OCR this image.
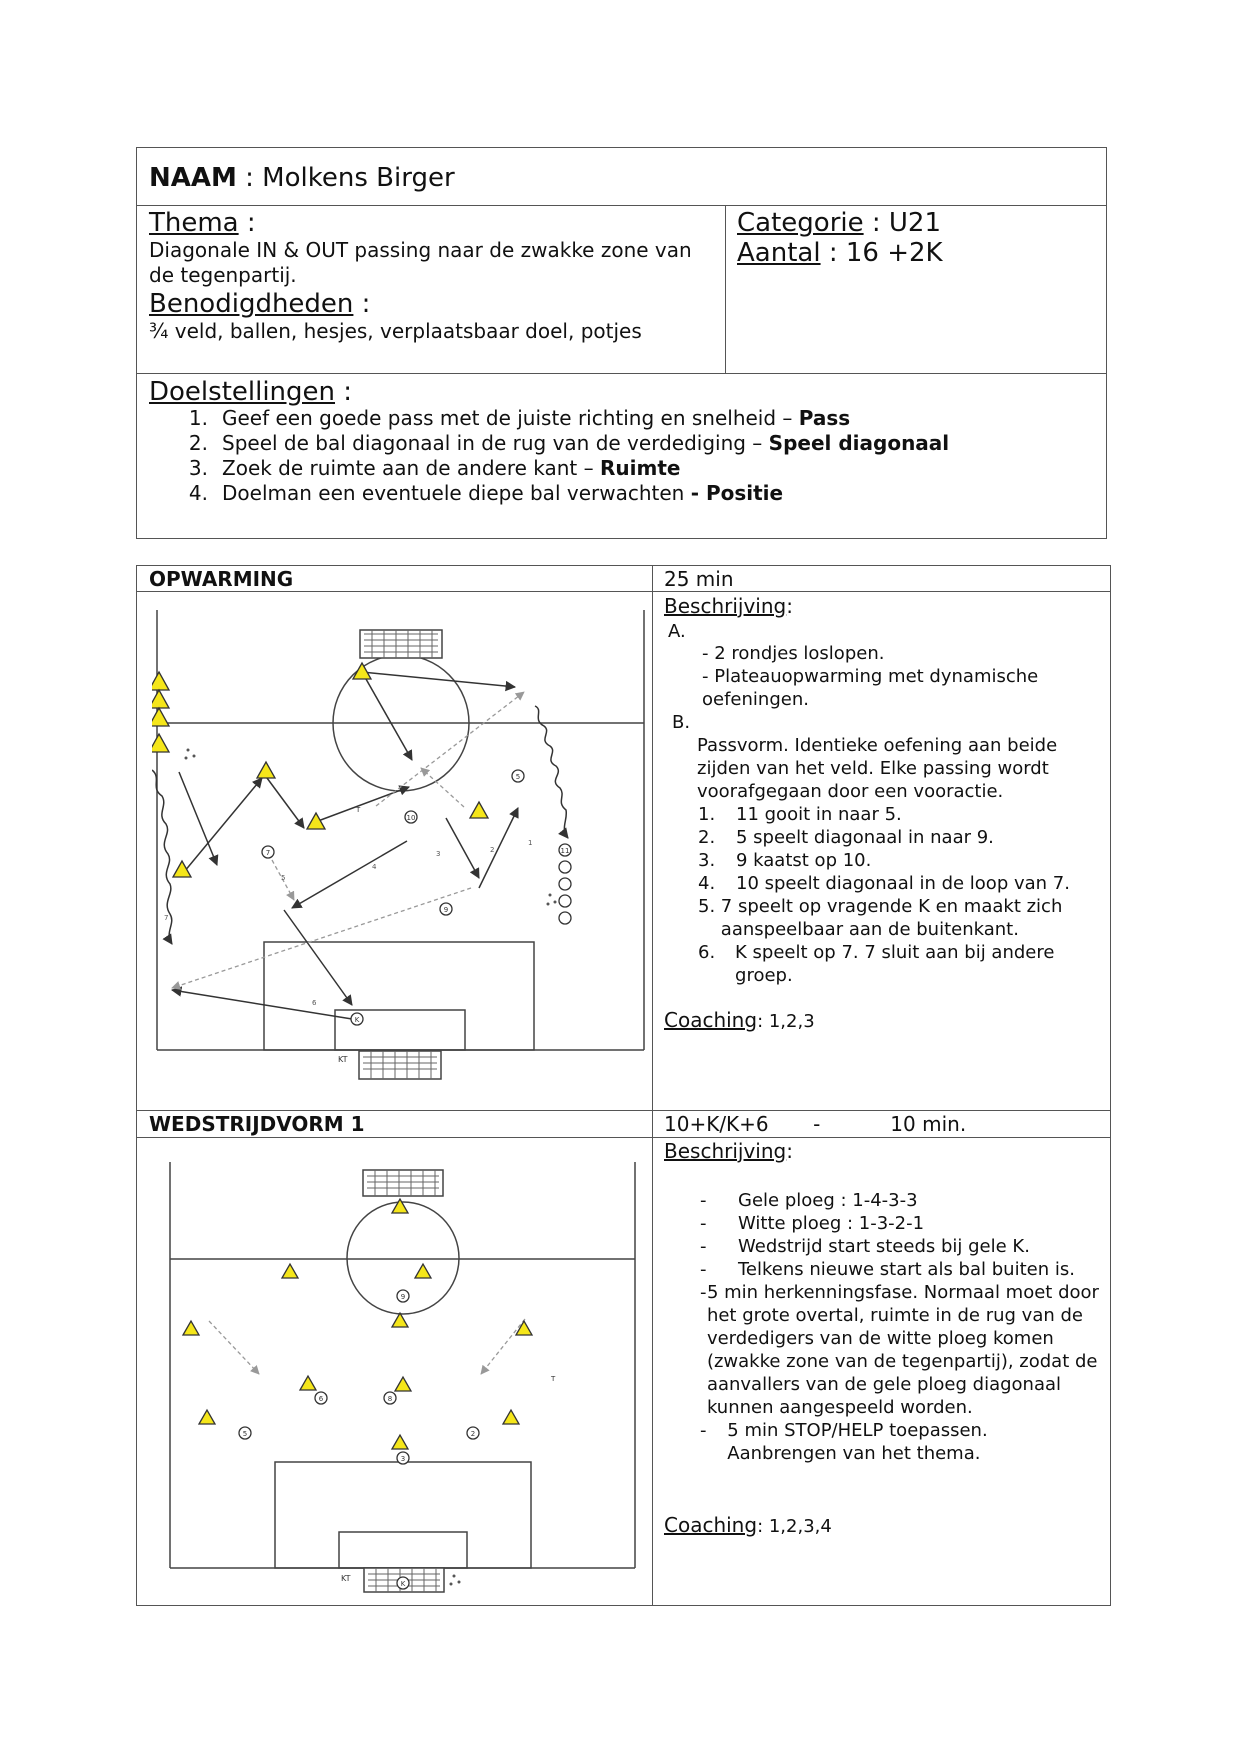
NAAM : Molkens Birger
Thema :
Diagonale IN & OUT passing naar de zwakke zone van de tegenpartij.
Benodigdheden :
¾ veld, ballen, hesjes, verplaatsbaar doel, potjes
Categorie : U21
Aantal : 16 +2K
Doelstellingen :
1. Geef een goede pass met de juiste richting en snelheid – Pass
2. Speel de bal diagonaal in de rug van de verdediging – Speel diagonaal
3. Zoek de ruimte aan de andere kant – Ruimte
4. Doelman een eventuele diepe bal verwachten - Positie
OPWARMING	25 min
Beschrijving:
A.
- 2 rondjes loslopen.
- Plateauopwarming met dynamische oefeningen.
B.
Passvorm. Identieke oefening aan beide zijden van het veld. Elke passing wordt voorafgegaan door een vooractie.
1.	11 gooit in naar 5.
2.	5 speelt diagonaal in naar 9.
3.	9 kaatst op 10.
4.	10 speelt diagonaal in de loop van 7.
5. 7 speelt op vragende K en maakt zich aanspeelbaar aan de buitenkant.
6.	K speelt op 7. 7 sluit aan bij andere groep.
Coaching: 1,2,3
7
10
9
5
11
K
T
KT
1
2
3
4
5
6
7
WEDSTRIJDVORM 1	10+K/K+6       -           10 min.
Beschrijving:
-	Gele ploeg : 1-4-3-3
-	Witte ploeg : 1-3-2-1
-	Wedstrijd start steeds bij gele K.
-	Telkens nieuwe start als bal buiten is.
- 5 min herkenningsfase. Normaal moet door het grote overtal, ruimte in de rug van de verdedigers van de witte ploeg komen (zwakke zone van de tegenpartij), zodat de aanvallers van de gele ploeg diagonaal kunnen aangespeeld worden.
-	5 min STOP/HELP toepassen. Aanbrengen van het thema.
Coaching: 1,2,3,4
9
6	8
5	2
3
K
T
KT
